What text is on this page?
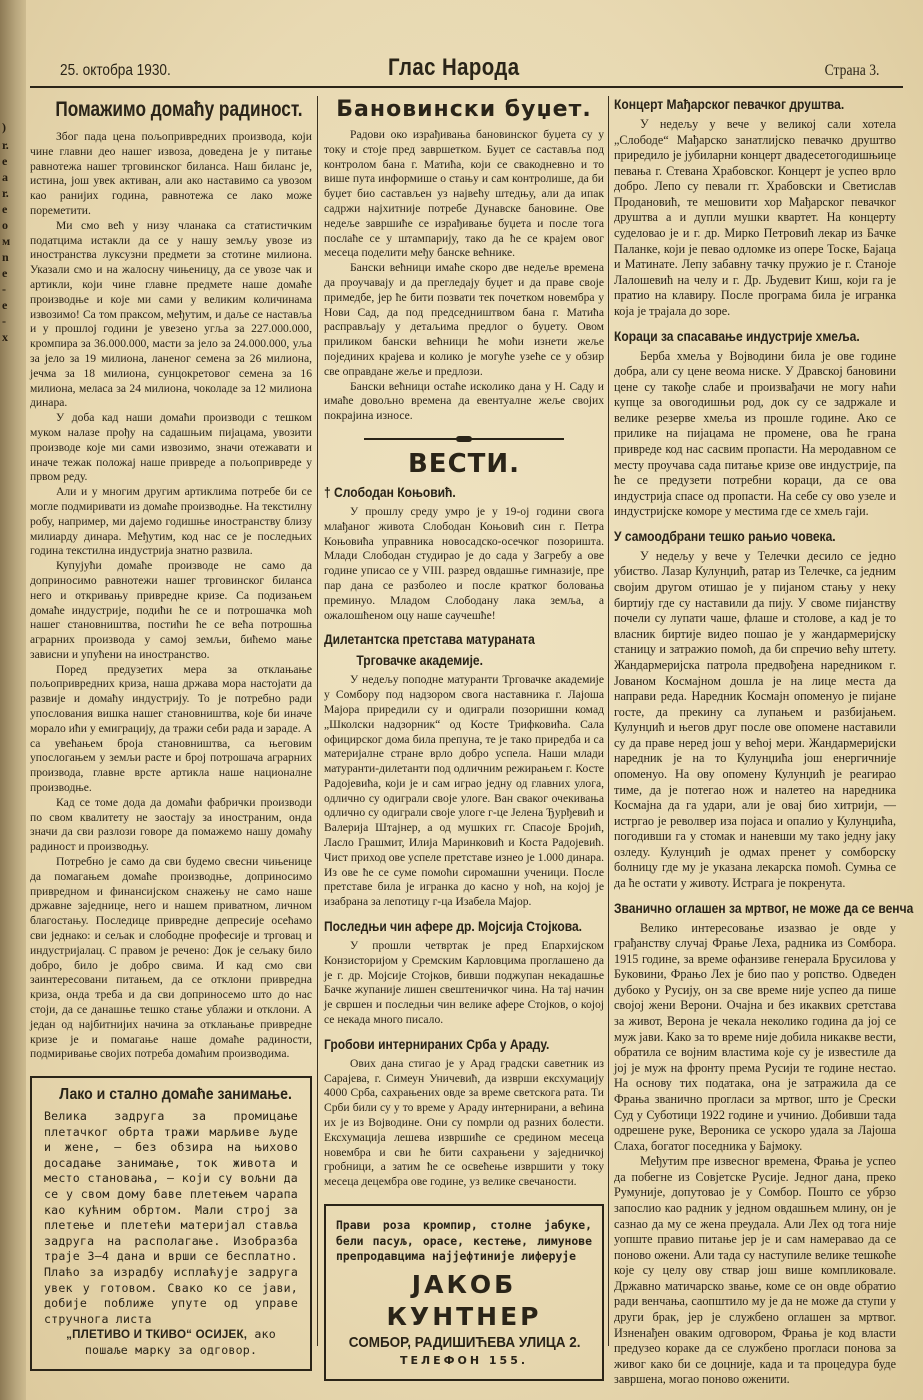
)
r.
e
a
r.
e
o
м
n
e
-
e
-
x
25. октобра 1930.	Глас Народа	Страна 3.
Помажимо домаћу радиност.

Због пада цена пољопривредних производа, који чине главни део нашег извоза, доведена је у питање равнотежа нашег трговинског биланса. Наш биланс је, истина, још увек активан, али ако наставимо са увозом као ранијих година, равнотежа се лако може пореметити.

Ми смо већ у низу чланака са статистичким податцима истакли да се у нашу земљу увозе из иностранства луксузни предмети за стотине милиона. Указали смо и на жалосну чињеницу, да се увозе чак и артикли, који чине главне предмете наше домаће производње и које ми сами у великим количинама извозимо! Са том праксом, међутим, и даље се наставља и у прошлој години је увезено угља за 227.000.000, кромпира за 36.000.000, масти за јело за 24.000.000, уља за јело за 19 милиона, ланеног семена за 26 милиона, јечма за 18 милиона, сунцокретовог семена за 16 милиона, меласа за 24 милиона, чоколаде за 12 милиона динара.

У доба кад наши домаћи производи с тешком муком налазе прођу на садашњим пијацама, увозити производе које ми сами извозимо, значи отежавати и иначе тежак положај наше привреде а пољопривреде у првом реду.

Али и у многим другим артиклима потребе би се могле подмиривати из домаће производње. На текстилну робу, например, ми дајемо годишње иностранству близу милиарду динара. Међутим, код нас се је последњих година текстилна индустрија знатно развила.

Купујући домаће производе не само да доприносимо равнотежи нашег трговинског биланса него и откривању привредне кризе. Са подизањем домаће индустрије, подићи ће се и потрошачка моћ нашег становништва, постићи ће се већа потрошња аграрних производа у самој земљи, бићемо мање зависни и упућени на иностранство.

Поред предузетих мера за отклањање пољопривредних криза, наша држава мора настојати да развије и домаћу индустрију. То је потребно ради упослования вишка нашег становништва, које би иначе морало ићи у емиграцију, да тражи себи рада и зараде. А са увећањем броја становништва, са његовим упослогањем у земљи расте и број потрошача аграрних производа, главне врсте артикла наше националне производње.

Кад се томе дода да домаћи фабрички производи по свом квалитету не заостају за иностраним, онда значи да сви разлози говоре да помажемо нашу домаћу радиност и производњу.

Потребно је само да сви будемо свесни чињенице да помагањем домаће производње, доприносимо привредном и финансијском снажењу не само наше државне заједнице, него и нашем приватном, личном благостању. Последице привредне депресије осећамо сви једнако: и сељак и слободне професије и трговац и индустријалац. С правом је речено: Док је сељаку било добро, било је добро свима. И кад смо сви заинтересовани питањем, да се отклони привредна криза, онда треба и да сви доприносемо што до нас стоји, да се данашње тешко стање ублажи и отклони. А један од најбитнијих начина за отклањање привредне кризе је и помагање наше домаће радиности, подмиривање својих потреба домаћим производима.

Лако и стално домаће занимање.

Велика задруга за промицање плетачког обрта тражи марљиве људе и жене, — без обзира на њихово досадање занимање, ток живота и место становања, — који су вољни да се у свом дому баве плетењем чарапа као кућним обртом. Мали строј за плетење и плетећи материјал ставља задруга на располагање. Изобразба траје 3—4 дана и врши се бесплатно. Плаћо за израдбу исплаћује задруга увек у готовом. Свако ко се јави, добије поближе упуте од управе стручнога листа

„ПЛЕТИВО И ТКИВО“ ОСИЈЕК, ако пошаље марку за одговор.

Бановински буџет.

Радови око израђивања бановинског буџета су у току и стоје пред завршетком. Буџет се саставља под контролом бана г. Матића, који се свакодневно и то више пута информише о стању и сам контролише, да би буџет био састављен уз највећу штедњу, али да ипак садржи најхитније потребе Дунавске бановине. Ове недеље завршиће се израђивање буџета и после тога послаће се у штампарију, тако да ће се крајем овог месеца поделити међу банске већнике.

Бански већници имаће скоро две недеље времена да проучавају и да прегледају буџет и да праве своје примедбе, јер ће бити позвати тек почетком новембра у Нови Сад, да под председништвом бана г. Матића расправљају у детаљима предлог о буџету. Овом приликом бански већници ће моћи изнети жеље појединих крајева и колико је могуће узеће се у обзир све оправдане жеље и предлози.

Бански већници остаће исколико дана у Н. Саду и имаће довољно времена да евентуалне жеље својих покрајина износе.

ВЕСТИ.
† Слободан Коњовић.

У прошлу среду умро је у 19-ој години свога млађаног живота Слободан Коњовић син г. Петра Коњовића управника новосадско-осечког позоришта. Млади Слободан студирао је до сада у Загребу а ове године уписао се у VIII. разред овдашње гимназије, пре пар дана се разболео и после кратког боловања преминуо. Младом Слободану лака земља, а ожалошћеном оцу наше саучешће!

Дилетантска претстава матураната
Трговачке академије.

У недељу поподне матуранти Трговачке академије у Сомбору под надзором свога наставника г. Лајоша Мајора приредили су и одиграли позоришни комад „Школски надзорник“ од Косте Трифковића. Сала официрског дома била препуна, те је тако приредба и са материјалне стране врло добро успела. Наши млади матуранти-дилетанти под одличним режирањем г. Косте Радојевића, који је и сам играо једну од главних улога, одлично су одиграли своје улоге. Ван сваког очекивања одлично су одиграли своје улоге г-це Јелена Ђурђевић и Валерија Штајнер, а од мушких гг. Спасоје Бројић, Ласло Грашмит, Илија Маринковић и Коста Радојевић. Чист приход ове успеле претставе изнео је 1.000 динара. Из ове ће се суме помоћи сиромашни ученици. После претставе била је игранка до касно у ноћ, на којој је изабрана за лепотицу г-ца Изабела Мајор.

Последњи чин афере др. Мојсија Стојкова.

У прошли четвртак је пред Епархијском Конзисторијом у Сремским Карловцима проглашено да је г. др. Мојсије Стојков, бивши поджупан некадашње Бачке жупаније лишен свештеничког чина. На тај начин је свршен и последњи чин велике афере Стојков, о којој се некада много писало.

Гробови интернираних Срба у Араду.

Ових дана стигао је у Арад градски саветник из Сарајева, г. Симеун Уничевић, да изврши ексхумацију 4000 Срба, сахрањених овде за време светскога рата. Ти Срби били су у то време у Араду интернирани, а већина их је из Војводине. Они су помрли од разних болести. Ексхумација лешева извршиће се средином месеца новембра и сви ће бити сахрањени у заједничкој гробници, а затим ће се освећење извршити у току месеца децембра ове године, уз велике свечаности.

Прави роза кромпир, столне јабуке, бели пасуљ, орасе, кестење, лимунове препродавцима најјефтиније лиферује
ЈАКОБ КУНТНЕР
СОМБОР, РАДИШИЋЕВА УЛИЦА 2.
ТЕЛЕФОН 155.
Концерт Мађарског певачког друштва.

У недељу у вече у великој сали хотела „Слободе“ Мађарско занатлијско певачко друштво приредило је јубиларни концерт двадесетогодишњице певања г. Стевана Храбовског. Концерт је успео врло добро. Лепо су певали гг. Храбовски и Светислав Продановић, те мешовити хор Мађарског певачког друштва а и дупли мушки квартет. На концерту суделовао је и г. др. Мирко Петровић лекар из Бачке Паланке, који је певао одломке из опере Тоске, Бајаца и Матинате. Лепу забавну тачку пружио је г. Станоје Лалошевић на челу и г. Др. Људевит Киш, који га је пратио на клавиру. После програма била је игранка која је трајала до зоре.

Кораци за спасавање индустрије хмеља.

Берба хмеља у Војводини била је ове године добра, али су цене веома ниске. У Дравској бановини цене су такође слабе и произвађачи не могу наћи купце за овогодишњи род, док су се задржале и велике резерве хмеља из прошле године. Ако се прилике на пијацама не промене, ова ће грана привреде код нас сасвим пропасти. На меродавном се месту проучава сада питање кризе ове индустрије, па ће се предузети потребни кораци, да се ова индустрија спасе од пропасти. На себе су ово узеле и индустријске коморе у местима где се хмељ гаји.

У самоодбрани тешко рањио човека.

У недељу у вече у Телечки десило се једно убиство. Лазар Кулунџић, ратар из Телечке, са једним својим другом отишао је у пијаном стању у неку биртију где су наставили да пију. У своме пијанству почели су лупати чаше, флаше и столове, а кад је то власник биртије видео пошао је у жандармеријску станицу и затражио помоћ, да би спречио већу штету. Жандармеријска патрола предвођена наредником г. Јованом Космајном дошла је на лице места да направи реда. Наредник Космајн опоменуо је пијане госте, да прекину са лупањем и разбијањем. Кулунџић и његов друг после ове опомене наставили су да праве неред још у већој мери. Жандармеријски наредник је на то Кулунџића још енергичније опоменуо. На ову опомену Кулунџић је реагирао тиме, да је потегао нож и налетео на наредника Космајна да га удари, али је овај био хитрији, — истргао је револвер иза појаса и опалио у Кулунџића, погодивши га у стомак и наневши му тако једну јаку озледу. Кулунџић је одмах пренет у сомборску болницу где му је указана лекарска помоћ. Сумња се да ће остати у животу. Истрага је покренута.

Званично оглашен за мртвог, не може да се венча

Велико интересовање изазвао је овде у грађанству случај Фрање Леха, радника из Сомбора. 1915 године, за време офанзиве генерала Брусилова у Буковини, Фрањо Лех је био пао у ропство. Одведен дубоко у Русију, он за све време није успео да пише својој жени Верони. Очајна и без икаквих сретстава за живот, Верона је чекала неколико година да јој се муж јави. Како за то време није добила никакве вести, обратила се војним властима које су је известиле да јој је муж на фронту према Русији те године нестао. На основу тих података, она је затражила да се Фрања званично прогласи за мртвог, што је Срески Суд у Суботици 1922 године и учинио. Добивши тада одрешене руке, Вероника се ускоро удала за Лајоша Слаха, богатог поседника у Бајмоку.

Међутим пре извесног времена, Фрања је успео да побегне из Совјетске Русије. Једног дана, преко Румуније, допутовао је у Сомбор. Пошто се убрзо запослио као радник у једном овдашњем млину, он је сазнао да му се жена преудала. Али Лех од тога није уопште правио питање јер је и сам намеравао да се поново ожени. Али тада су наступиле велике тешкоће које су целу ову ствар још више компликовале. Државно матичарско звање, коме се он овде обратио ради венчања, саопштило му је да не може да ступи у други брак, јер је службено оглашен за мртвог. Изненађен оваким одговором, Фрања је код власти предузео кораке да се службено прогласи понова за живог како би се доцније, када и та процедура буде завршена, могао поново оженити.
